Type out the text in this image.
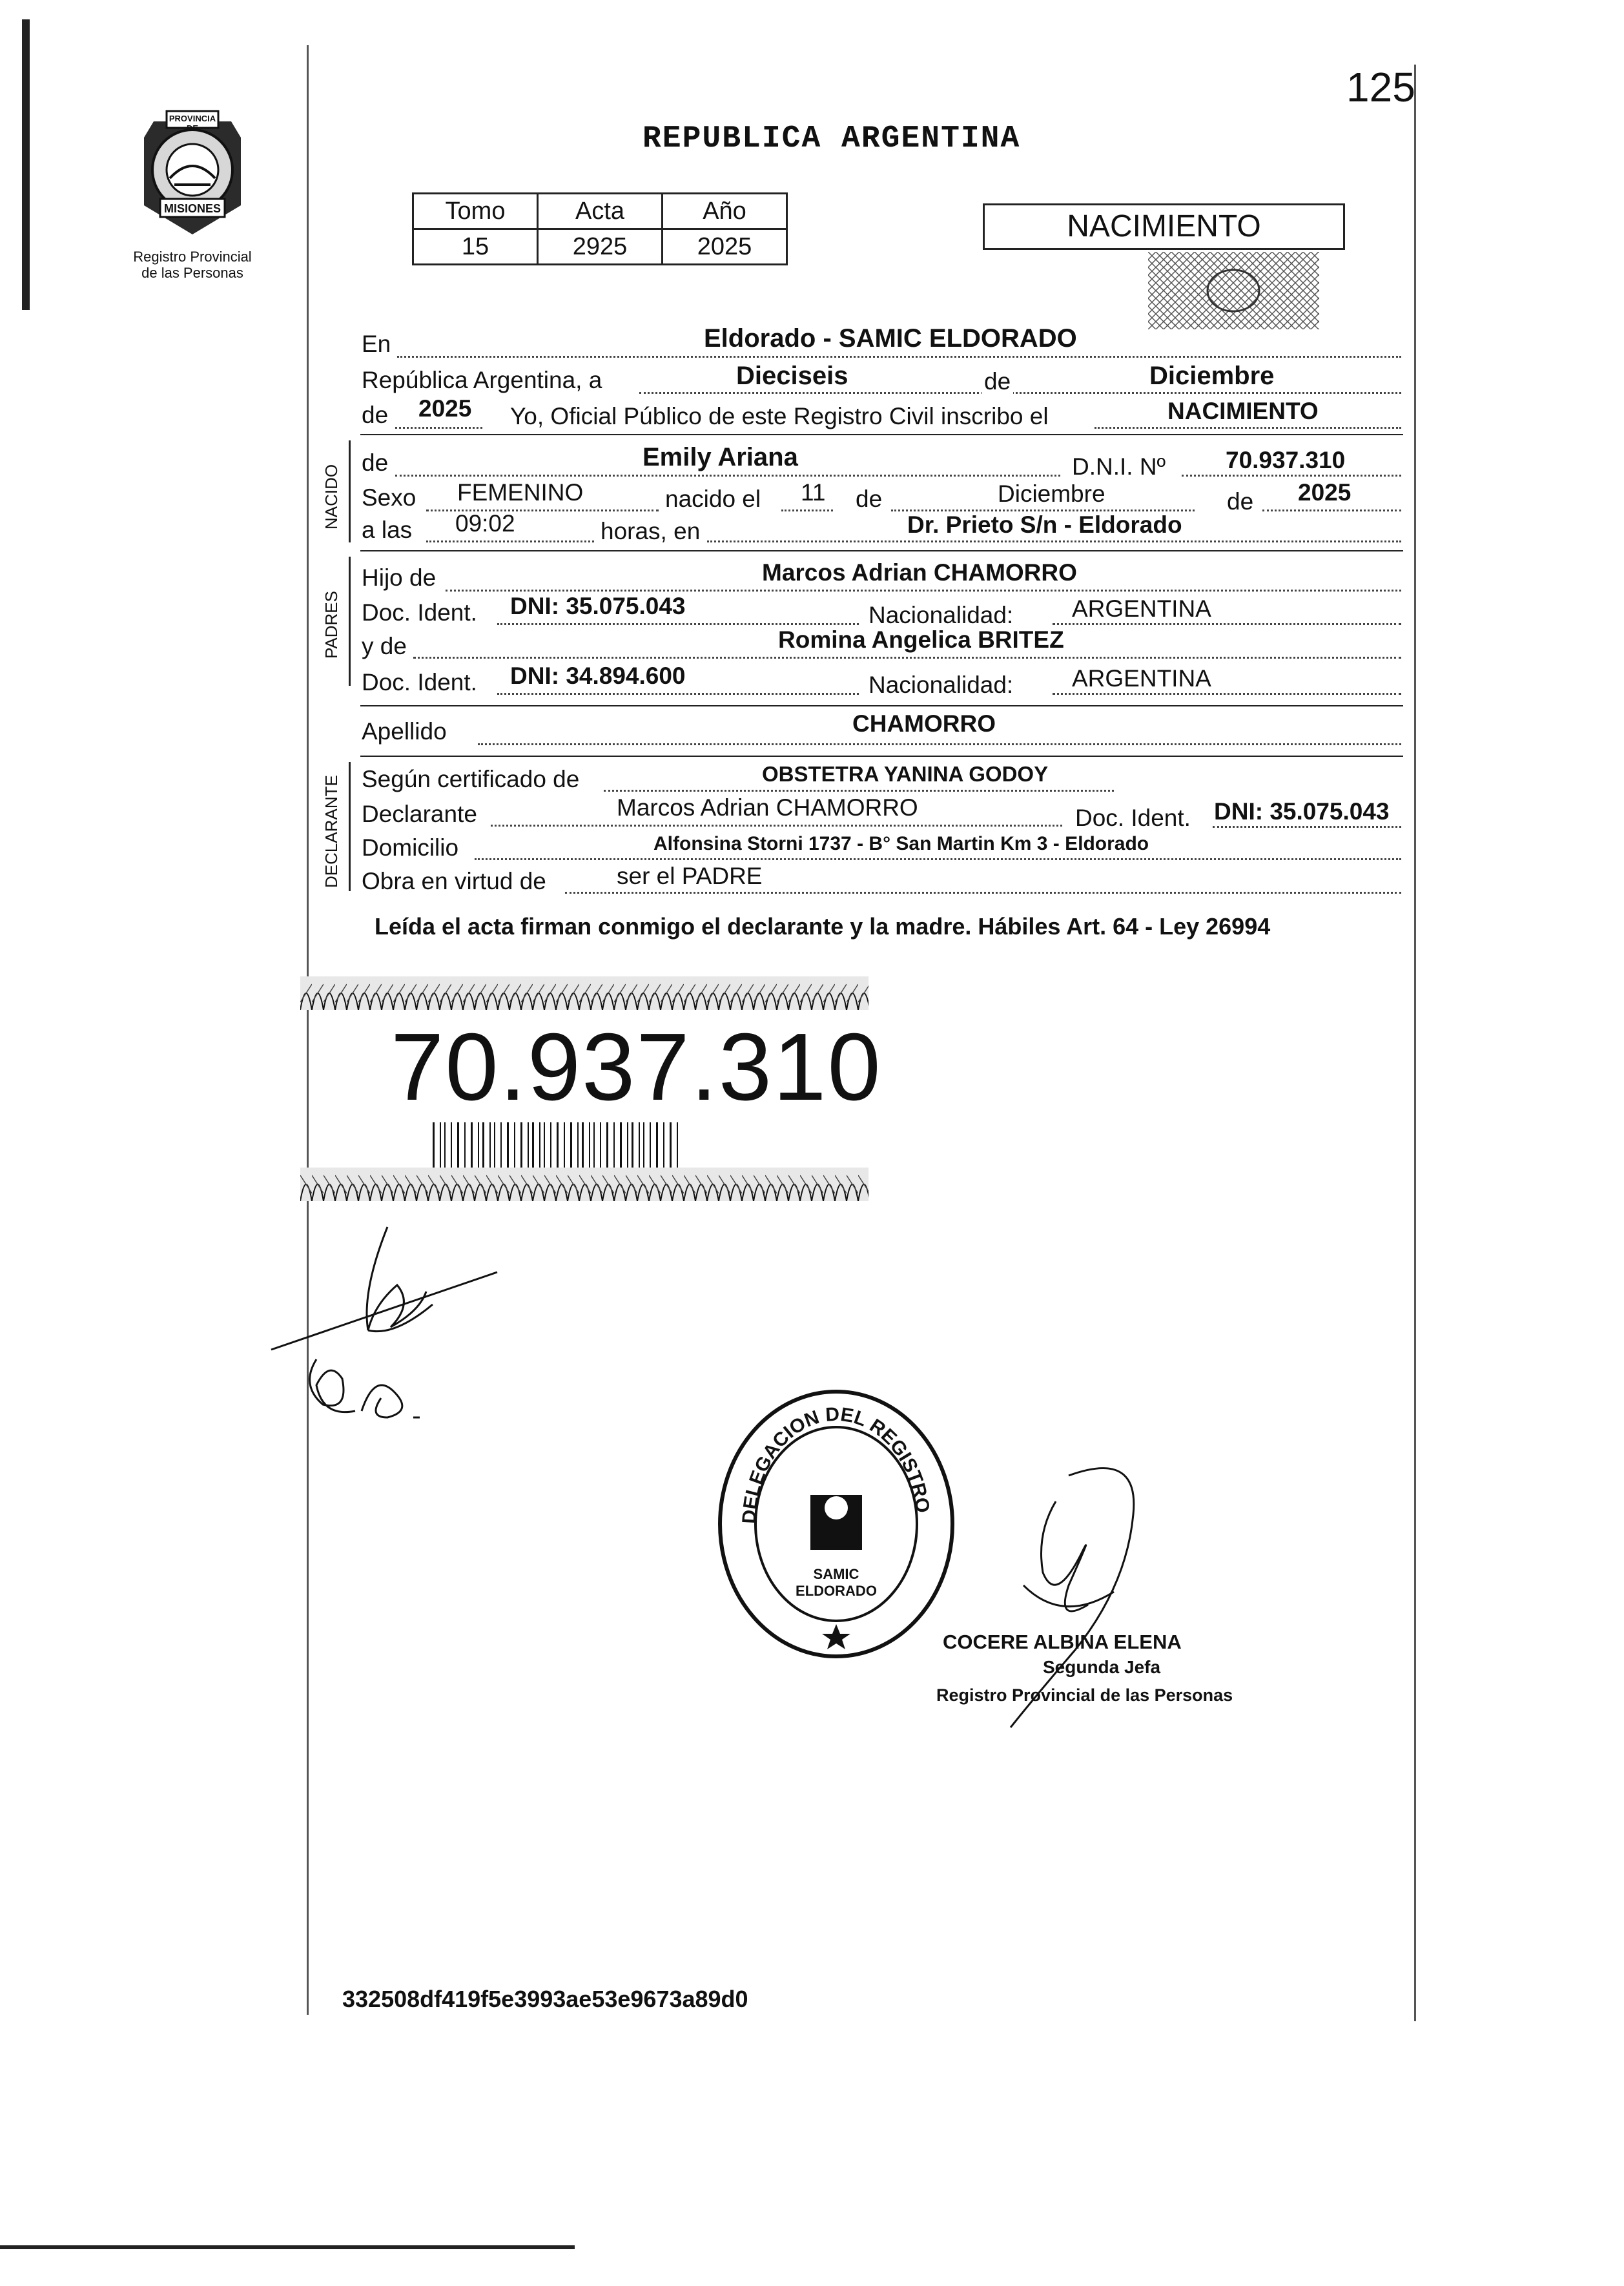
125
PROVINCIA DE
MISIONES
Registro Provincial
de las Personas
REPUBLICA ARGENTINA
Tomo	Acta	Año
15	2925	2025
NACIMIENTO
En	Eldorado - SAMIC ELDORADO
República Argentina, a	Dieciseis	de	Diciembre
de 2025 Yo, Oficial Público de este Registro Civil inscribo el	NACIMIENTO
NACIDO
de	Emily Ariana	D.N.I. Nº	70.937.310
Sexo FEMENINO	nacido el 11 de	Diciembre	de 2025
a las 09:02	horas, en	Dr. Prieto S/n - Eldorado
PADRES
Hijo de	Marcos Adrian CHAMORRO
Doc. Ident. DNI: 35.075.043	Nacionalidad: ARGENTINA
y de	Romina Angelica BRITEZ
Doc. Ident. DNI: 34.894.600	Nacionalidad: ARGENTINA
Apellido	CHAMORRO
DECLARANTE Según certificado de	OBSTETRA YANINA GODOY
Declarante	Marcos Adrian CHAMORRO	Doc. Ident. DNI: 35.075.043
Domicilio	Alfonsina Storni 1737 - B° San Martin Km 3 - Eldorado
Obra en virtud de	ser el PADRE
Leída el acta firman conmigo el declarante y la madre. Hábiles Art. 64 - Ley 26994
70.937.310
DELEGACION DEL REGISTRO
SAMIC ELDORADO
COCERE ALBINA ELENA
Segunda Jefa
Registro Provincial de las Personas
332508df419f5e3993ae53e9673a89d0
